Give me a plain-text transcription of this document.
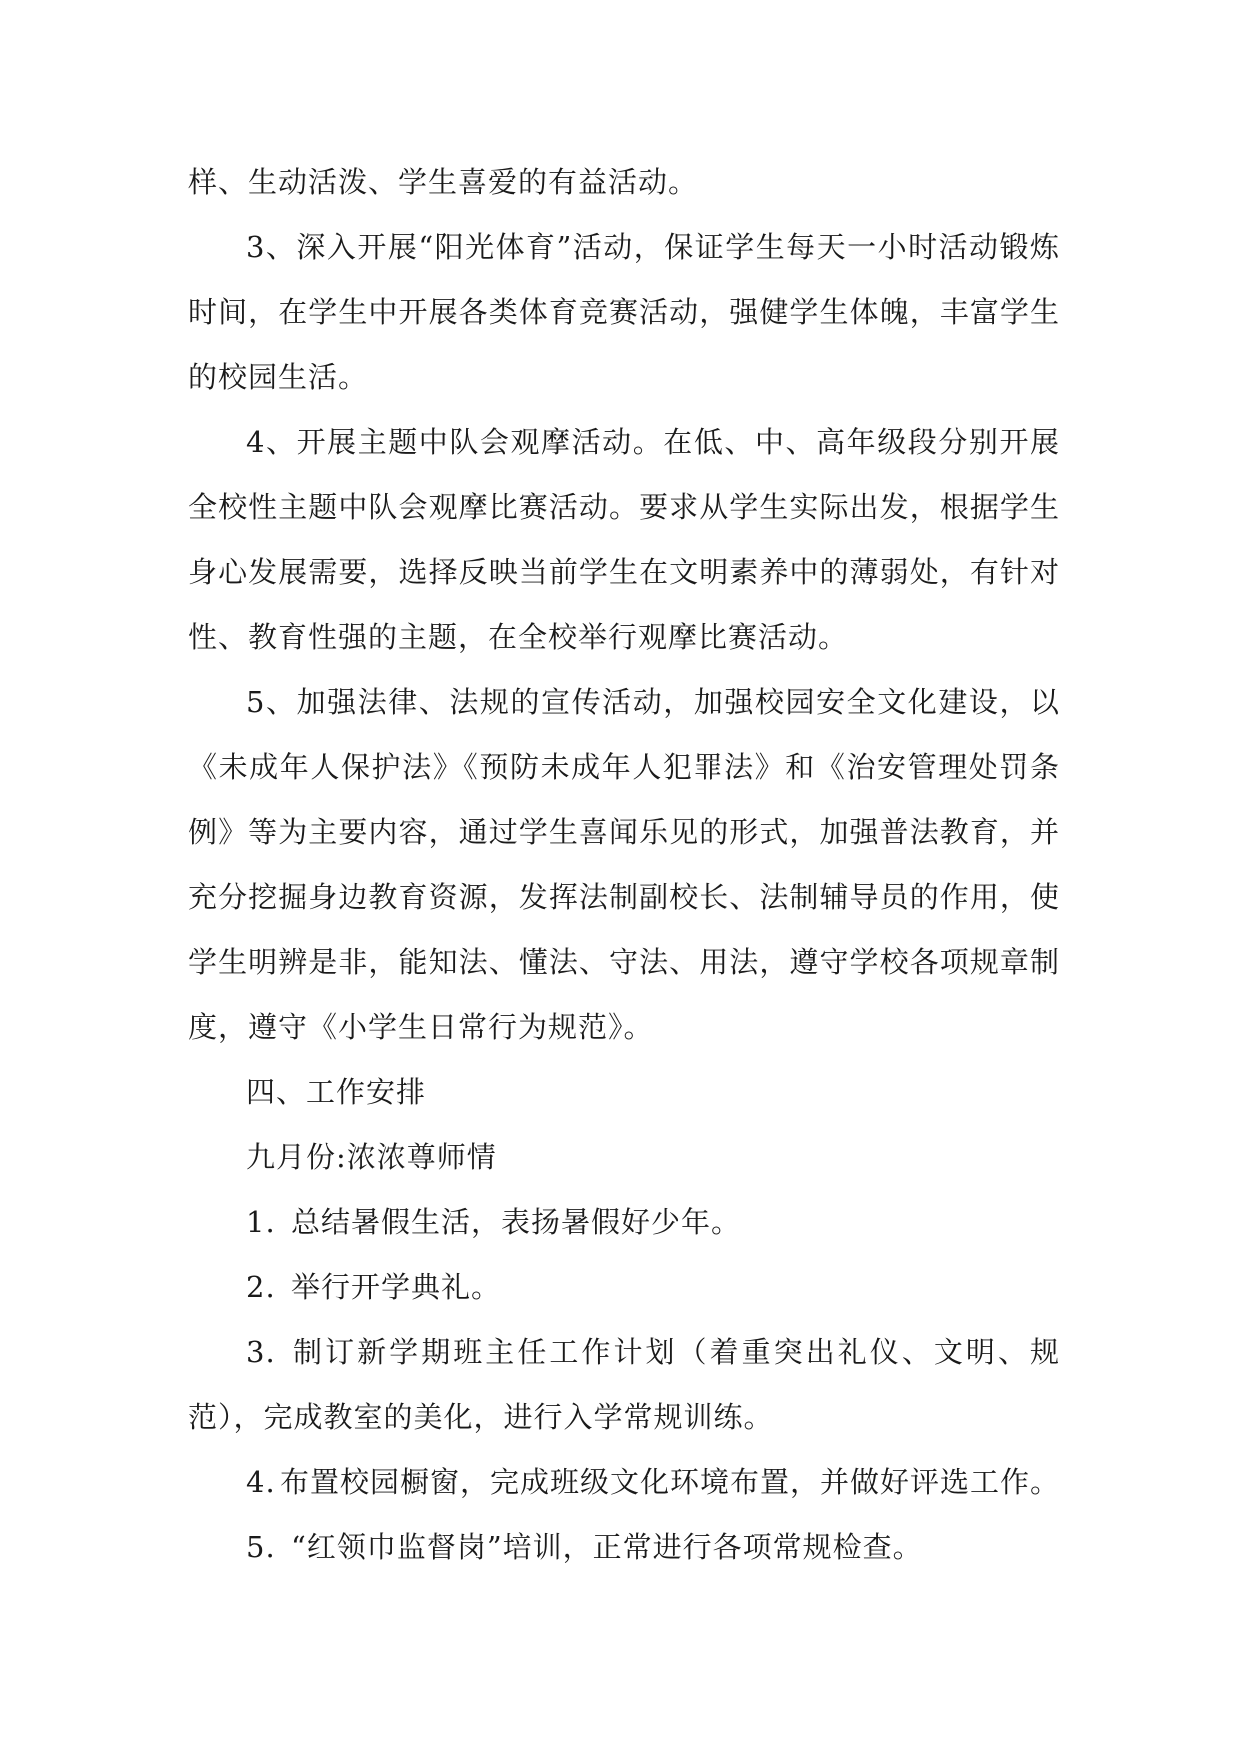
样、生动活泼、学生喜爱的有益活动。

3、深入开展“阳光体育”活动，保证学生每天一小时活动锻炼时间，在学生中开展各类体育竞赛活动，强健学生体魄，丰富学生的校园生活。

4、开展主题中队会观摩活动。在低、中、高年级段分别开展全校性主题中队会观摩比赛活动。要求从学生实际出发，根据学生身心发展需要，选择反映当前学生在文明素养中的薄弱处，有针对性、教育性强的主题，在全校举行观摩比赛活动。

5、加强法律、法规的宣传活动，加强校园安全文化建设，以《未成年人保护法》《预防未成年人犯罪法》和《治安管理处罚条例》等为主要内容，通过学生喜闻乐见的形式，加强普法教育，并充分挖掘身边教育资源，发挥法制副校长、法制辅导员的作用，使学生明辨是非，能知法、懂法、守法、用法，遵守学校各项规章制度，遵守《小学生日常行为规范》。

四、工作安排

九月份:浓浓尊师情

1. 总结暑假生活，表扬暑假好少年。
2. 举行开学典礼。

3. 制订新学期班主任工作计划（着重突出礼仪、文明、规范），完成教室的美化，进行入学常规训练。

4. 布置校园橱窗，完成班级文化环境布置，并做好评选工作。
5. “红领巾监督岗”培训，正常进行各项常规检查。
